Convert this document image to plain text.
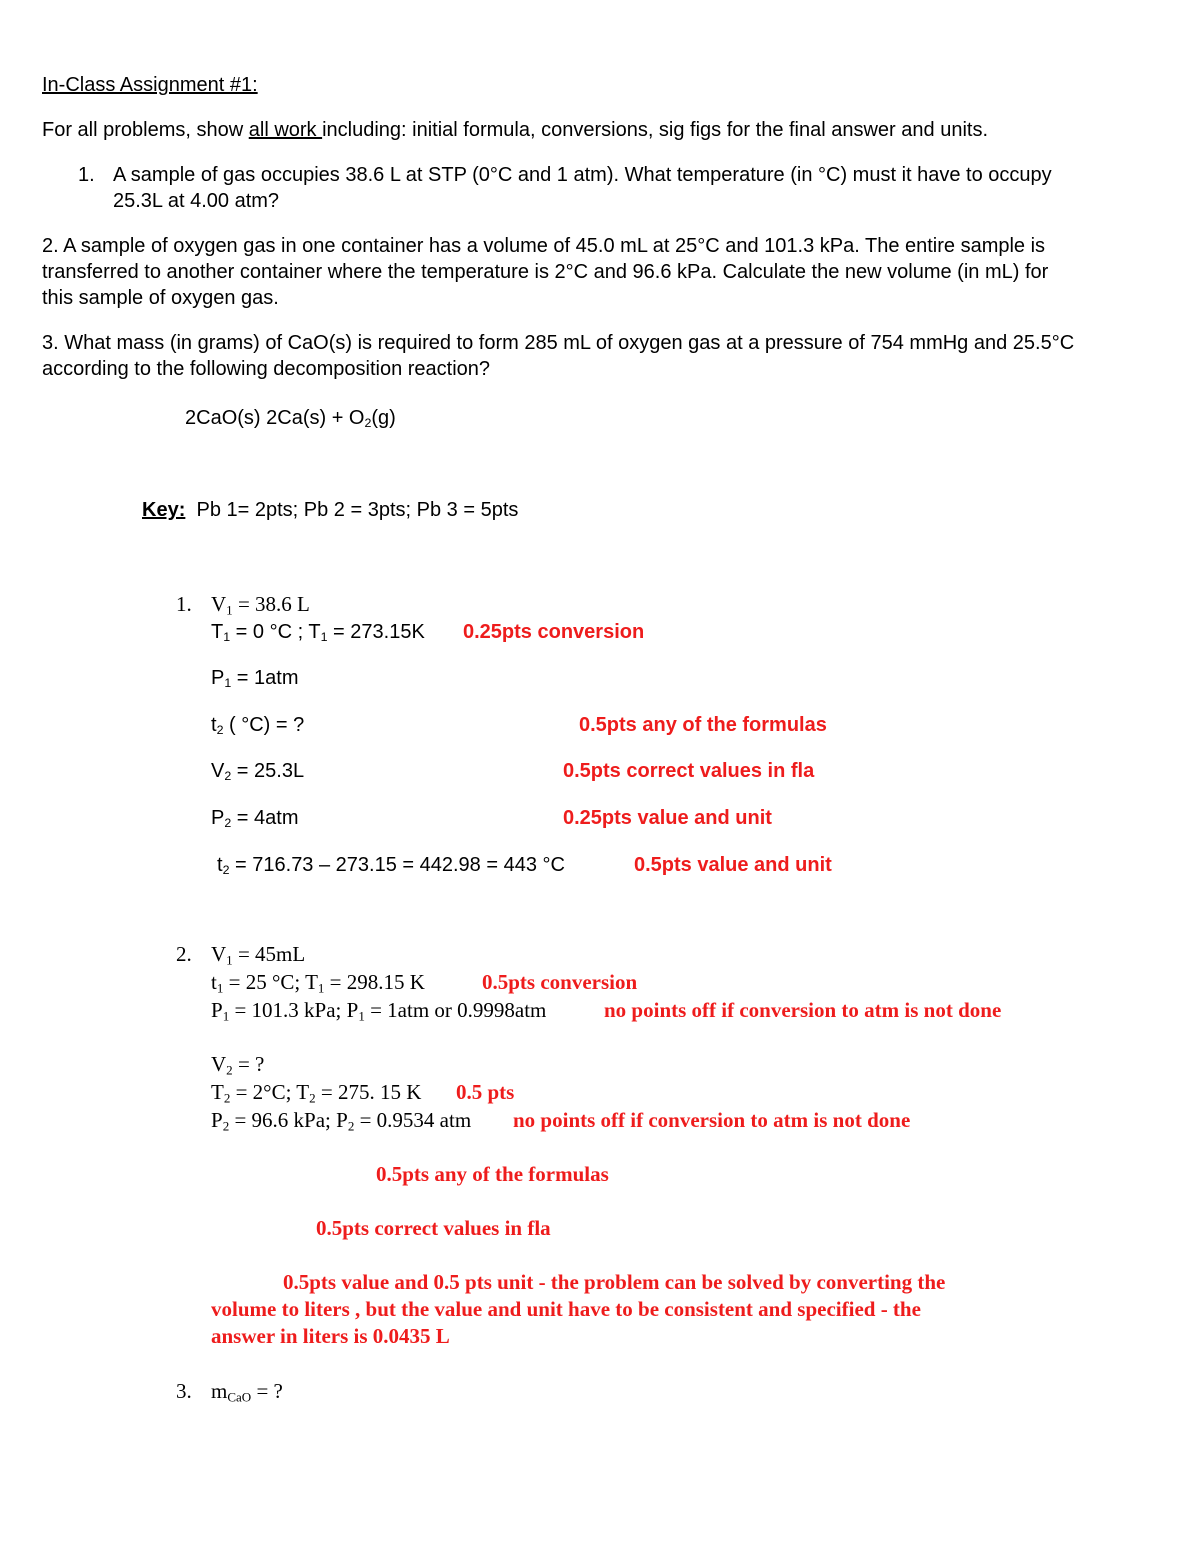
In-Class Assignment #1:
For all problems, show all work including: initial formula, conversions, sig figs for the final answer and units.
1. A sample of gas occupies 38.6 L at STP (0°C and 1 atm). What temperature (in °C) must it have to occupy
25.3L at 4.00 atm?
2. A sample of oxygen gas in one container has a volume of 45.0 mL at 25°C and 101.3 kPa. The entire sample is
transferred to another container where the temperature is 2°C and 96.6 kPa. Calculate the new volume (in mL) for
this sample of oxygen gas.
3. What mass (in grams) of CaO(s) is required to form 285 mL of oxygen gas at a pressure of 754 mmHg and 25.5°C
according to the following decomposition reaction?
2CaO(s) $2Ca(s) + O_2(g)$
Key: Pb 1= 2pts; Pb 2 = 3pts; Pb 3 = 5pts
1. $V_1 = 38.6$ L
$T_1 = 0$ °C ; $T_1 = 273.15K$ 0.25pts conversion
$P_1 = 1atm$
$t_2$ ( °C) = ?	0.5pts any of the formulas
$V_2 = 25.3L$	0.5pts correct values in fla
$P_2 = 4atm$	0.25pts value and unit
$t_2 = 716.73 - 273.15 = 442.98 = 443$ °C	0.5pts value and unit
2. $V_1 = 45mL$
$t_1 = 25$ °C; $T_1 = 298.15$ K	0.5pts conversion
$P_1 = 101.3$ kPa; $P_1 = 1atm$ or 0.9998atm	no points off if conversion to atm is not done
$V_2$ = ?
$T_2 = 2^\circ C$; $T_2 = 275$. 15 K 0.5 pts
$P_2 = 96.6$ kPa; $P_2 = 0.9534$ atm no points off if conversion to atm is not done
0.5pts any of the formulas
0.5pts correct values in fla
0.5pts value and 0.5 pts unit - the problem can be solved by converting the
volume to liters , but the value and unit have to be consistent and specified - the
answer in liters is 0.0435 L
3. $m_{CaO}$ = ?
